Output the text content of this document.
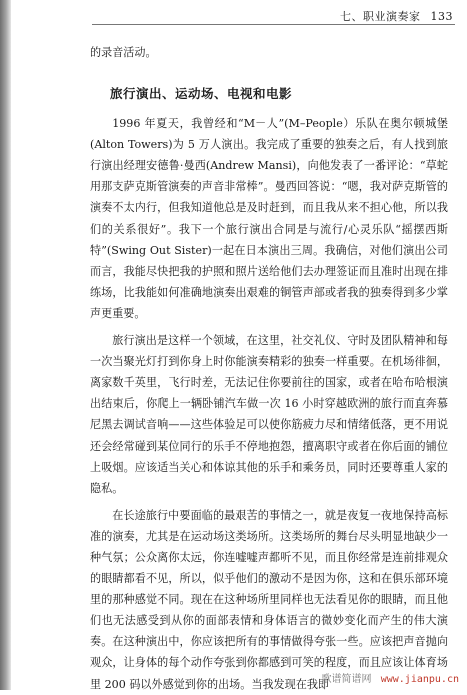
七、职业演奏家 133

的录音活动。

旅行演出、运动场、电视和电影

1996 年夏天，我曾经和“M－人”(M–People）乐队在奥尔顿城堡(Alton Towers)为 5 万人演出。我完成了重要的独奏之后，有人找到旅行演出经理安德鲁·曼西(Andrew Mansi)，向他发表了一番评论：“草蛇用那支萨克斯管演奏的声音非常棒”。曼西回答说：“嗯，我对萨克斯管的演奏不太内行，但我知道他总是及时赶到，而且我从来不担心他，所以我们的关系很好”。我下一个旅行演出合同是与流行/心灵乐队“摇摆西斯特”(Swing Out Sister)一起在日本演出三周。我确信，对他们演出公司而言，我能尽快把我的护照和照片送给他们去办理签证而且准时出现在排练场，比我能如何准确地演奏出艰难的铜管声部或者我的独奏得到多少掌声更重要。

旅行演出是这样一个领域，在这里，社交礼仪、守时及团队精神和每一次当聚光灯打到你身上时你能演奏精彩的独奏一样重要。在机场徘徊，离家数千英里，飞行时差，无法记住你要前往的国家，或者在哈布哈根演出结束后，你爬上一辆卧铺汽车做一次 16 小时穿越欧洲的旅行而直奔慕尼黑去调试音响——这些体验足可以使你筋疲力尽和情绪低落，更不用说还会经常碰到某位同行的乐手不停地抱怨，擅离职守或者在你后面的铺位上吸烟。应该适当关心和体谅其他的乐手和乘务员，同时还要尊重人家的隐私。

在长途旅行中要面临的最艰苦的事情之一，就是夜复一夜地保持高标准的演奏，尤其是在运动场这类场所。这类场所的舞台尽头明显地缺少一种气氛；公众离你太远，你连嘘嘘声都听不见，而且你经常是连前排观众的眼睛都看不见，所以，似乎他们的激动不是因为你，这和在俱乐部环境里的那种感觉不同。现在在这种场所里同样也无法看见你的眼睛，而且他们也无法感受到从你的面部表情和身体语言的微妙变化而产生的伟大演奏。在这种演出中，你应该把所有的事情做得夸张一些。应该把声音抛向观众，让身体的每个动作夸张到你都感到可笑的程度，而且应该让体育场里 200 码以外感觉到你的出场。当我发现在我即

歌谱简谱网 www.jianpu.cn
